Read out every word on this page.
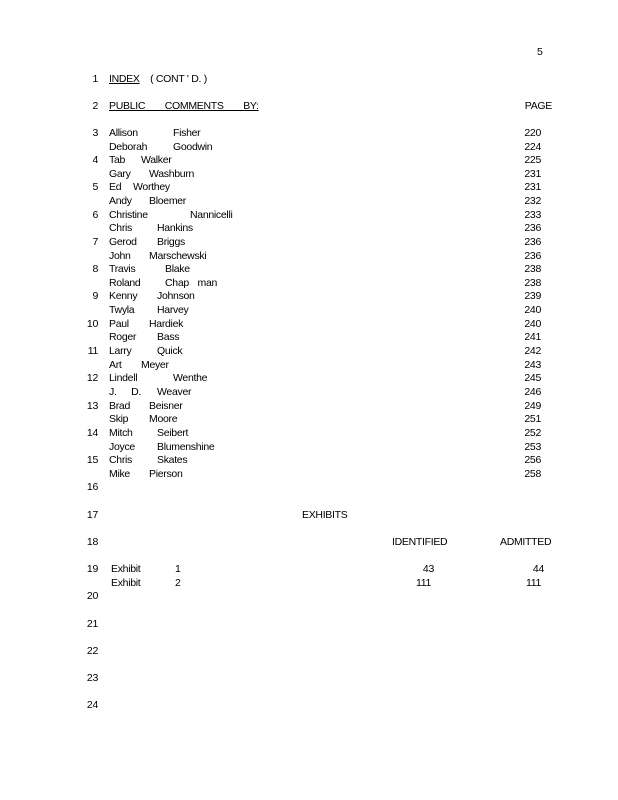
5
1
2
3
4
5
6
7
8
9
10
11
12
13
14
15
16
17
18
19
20
21
22
23
24
INDEX ( CONT ' D. )
PUBLIC COMMENTS BY:	PAGE
Allison	Fisher	220
Deborah Goodwin	224
Tab Walker	225
Gary Washburn	231
Ed Worthey	231
Andy Bloemer	232
Christine	Nannicelli	233
Chris Hankins	236
Gerod Briggs	236
John Marschewski	236
Travis	Blake	238
Roland Chap man	238
Kenny Johnson	239
Twyla Harvey	240
Paul Hardiek	240
Roger Bass	241
Larry Quick	242
Art Meyer	243
Lindell	Wenthe	245
J. D. Weaver	246
Brad Beisner	249
Skip Moore	251
Mitch Seibert	252
Joyce Blumenshine	253
Chris Skates	256
Mike Pierson	258
EXHIBITS
IDENTIFIED	ADMITTED
Exhibit	1	43	44
Exhibit	2	111	111
